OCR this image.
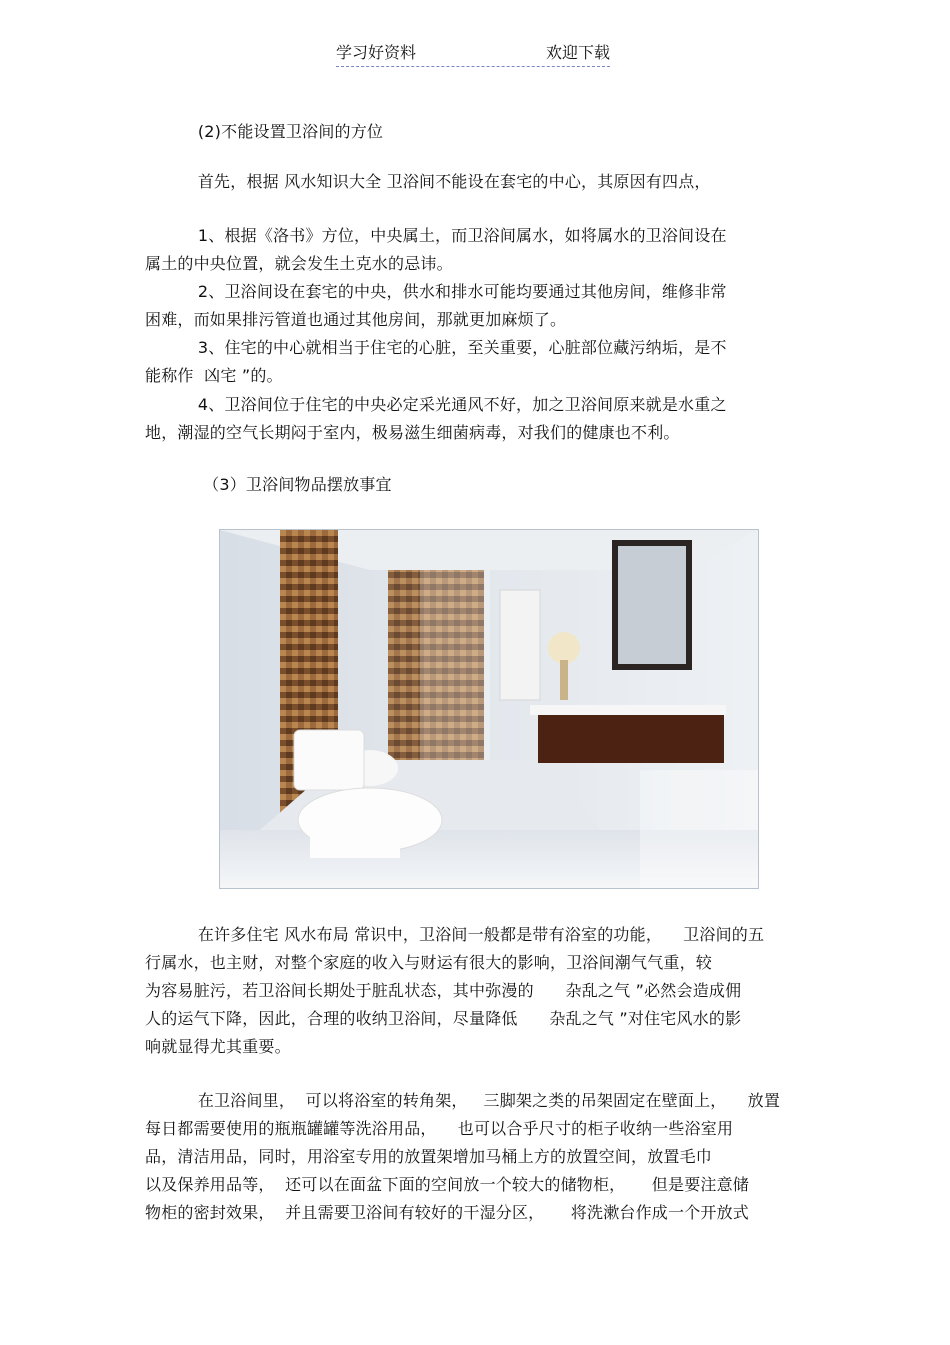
学习好资料	欢迎下载

(2)不能设置卫浴间的方位

首先，根据 风水知识大全 卫浴间不能设在套宅的中心，其原因有四点，

1、根据《洛书》方位，中央属土，而卫浴间属水，如将属水的卫浴间设在
属土的中央位置，就会发生土克水的忌讳。

2、卫浴间设在套宅的中央，供水和排水可能均要通过其他房间，维修非常
困难，而如果排污管道也通过其他房间，那就更加麻烦了。

3、住宅的中心就相当于住宅的心脏，至关重要，心脏部位藏污纳垢，是不
能称作  凶宅 ”的。

4、卫浴间位于住宅的中央必定采光通风不好，加之卫浴间原来就是水重之
地，潮湿的空气长期闷于室内，极易滋生细菌病毒，对我们的健康也不利。

（3）卫浴间物品摆放事宜

在许多住宅 风水布局 常识中，卫浴间一般都是带有浴室的功能，    卫浴间的五
行属水，也主财，对整个家庭的收入与财运有很大的影响，卫浴间潮气气重，较
为容易脏污，若卫浴间长期处于脏乱状态，其中弥漫的      杂乱之气 ”必然会造成佣
人的运气下降，因此，合理的收纳卫浴间，尽量降低      杂乱之气 ”对住宅风水的影
响就显得尤其重要。

在卫浴间里，  可以将浴室的转角架，   三脚架之类的吊架固定在壁面上，    放置
每日都需要使用的瓶瓶罐罐等洗浴用品，    也可以合乎尺寸的柜子收纳一些浴室用
品，清洁用品，同时，用浴室专用的放置架增加马桶上方的放置空间，放置毛巾
以及保养用品等，  还可以在面盆下面的空间放一个较大的储物柜，     但是要注意储
物柜的密封效果，  并且需要卫浴间有较好的干湿分区，     将洗漱台作成一个开放式
